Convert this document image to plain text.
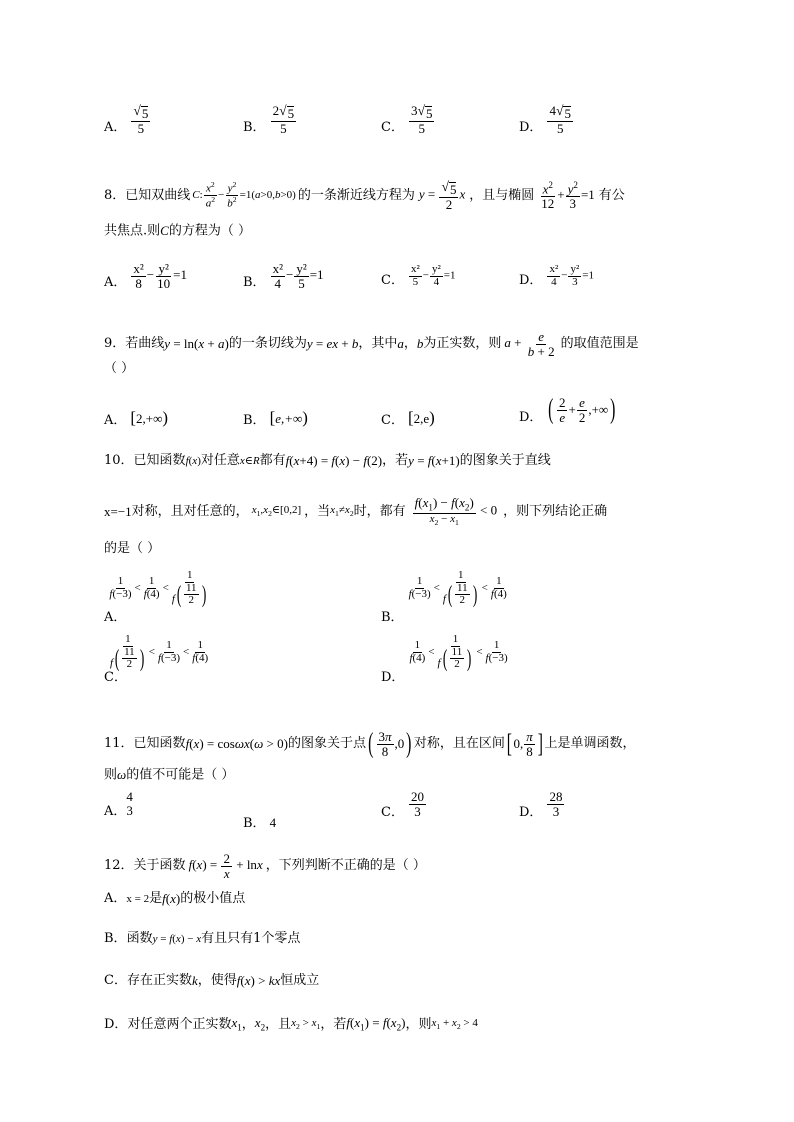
A． $\frac{√ 5}{5}$	B． $\frac{2 √ 5}{5}$	C． $\frac{3 √ 5}{5}$	D． $\frac{4 √ 5}{5}$
8． 已知双曲线 C: $\frac{x^2}{a^2} - \frac{y^2}{b^2} =1(a>0,b>0)$ 的一条渐近线方程为 $y = \frac{√ 5}{2}$ x ，且与椭圆 $\frac{x^2}{12} + \frac{y^2}{3} =1$ 有公
共焦点.则C的方程为（ ）
A． $\frac{\text{x²}}{8} - \frac{\text{y²}}{10} =1$
B． $\frac{\text{x²}}{4} - \frac{\text{y²}}{5} =1$	C． $\frac{\text{x²}}{5} - \frac{\text{y²}}{4} =1$	D． $\frac{\text{x²}}{4} - \frac{\text{y²}}{3} =1$
9． 若曲线 y = ln(x + a) 的一条切线为 y = ex + b ，其中 a ， b 为正实数，则 $a + \frac{e}{b + 2}$ 的取值范围是
（ ）
A． [2,+∞)	B． [e,+∞)	C． [2,e)	D． ( $\frac{2}{e} + \frac{e}{2}$ , +∞ )
10． 已知函数 f(x) 对任意 x∈R 都有 f(x+4) = f(x) − f(2) ，若 y = f(x+1) 的图象关于直线
x=−1 对称，且对任意的， $x_1,x_2\in[0,2]$ ，当 $x_1\ne x_2$ 时，都有 $\frac{f(x_1) - f(x_2)}{x_2 - x_1} < 0$ ，则下列结论正确
的是（ ）
A．
$\frac{1}{f(-3)} < \frac{1}{f(4)} < \frac{1}{f ( \frac{11}{2} )}$
B．
$\frac{1}{f(-3)} < \frac{1}{f ( \frac{11}{2} )} < \frac{1}{f(4)}$
C．
$\frac{1}{f ( \frac{11}{2} )} < \frac{1}{f(-3)} < \frac{1}{f(4)}$
D．
$\frac{1}{f(4)} < \frac{1}{f ( \frac{11}{2} )} < \frac{1}{f(-3)}$
11． 已知函数 f(x) = cosωx(ω > 0) 的图象关于点 ( $\frac{3\pi}{8} ,0$ ) 对称，且在区间 [ 0, $\frac{\pi}{8}$ ] 上是单调函数，
则ω的值不可能是（ ）
A．
4
3
B． 4
C． $\frac{20}{3}$	D． $\frac{28}{3}$
12． 关于函数 $f(x) = \frac{2}{x} + \ln x$ ，下列判断不正确的是（ ）
A． x = 2 是 f(x) 的极小值点
B． 函数 y = f(x) − x 有且只有1个零点
C． 存在正实数 k ，使得 f(x) > kx 恒成立
D． 对任意两个正实数 $x_1$ ， $x_2$ ，且 $x_2 > x_1$ ，若 $f(x_1) = f(x_2)$ ，则 $x_1 + x_2 > 4$
